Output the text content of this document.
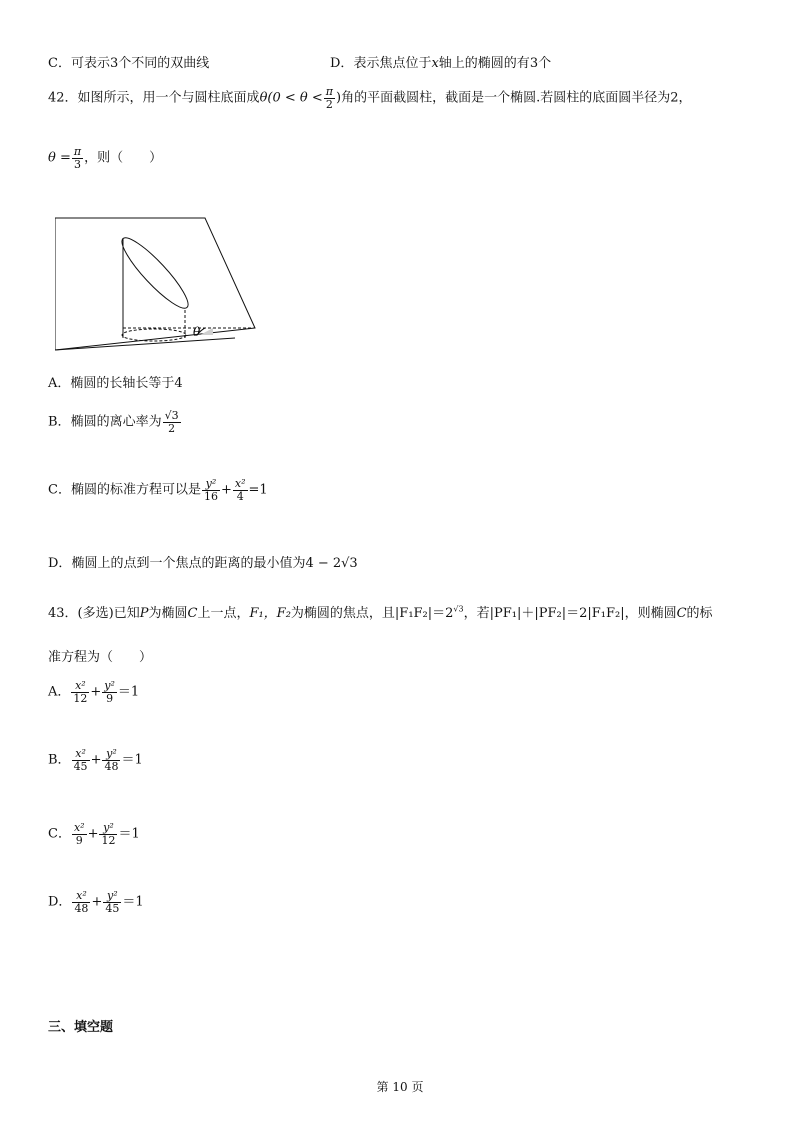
C．可表示3个不同的双曲线	D．表示焦点位于x轴上的椭圆的有3个
42．如图所示，用一个与圆柱底面成$\theta(0 < \theta < \frac{\pi}{2}$ )角的平面截圆柱，截面是一个椭圆.若圆柱的底面圆半径为2，
$\theta = \frac{\pi}{3}$ ，则（　　）
θ
A．椭圆的长轴长等于4
B．椭圆的离心率为 $\frac{√3}{2}$
C．椭圆的标准方程可以是 $\frac{\text{y²}}{16} + \frac{\text{x²}}{4} =1$
D．椭圆上的点到一个焦点的距离的最小值为4 − 2√3
43．(多选)已知P为椭圆C上一点，F₁，F₂为椭圆的焦点，且$|F_1F_2|=2^{√3}$，若|PF₁|＋|PF₂|＝2|F₁F₂|，则椭圆C的标
准方程为（　　）
A． $\frac{\text{x²}}{12} + \frac{\text{y²}}{9} =1$
B． $\frac{\text{x²}}{45} + \frac{\text{y²}}{48} =1$
C． $\frac{\text{x²}}{9} + \frac{\text{y²}}{12} =1$
D． $\frac{\text{x²}}{48} + \frac{\text{y²}}{45} =1$
三、填空题
第 10 页
